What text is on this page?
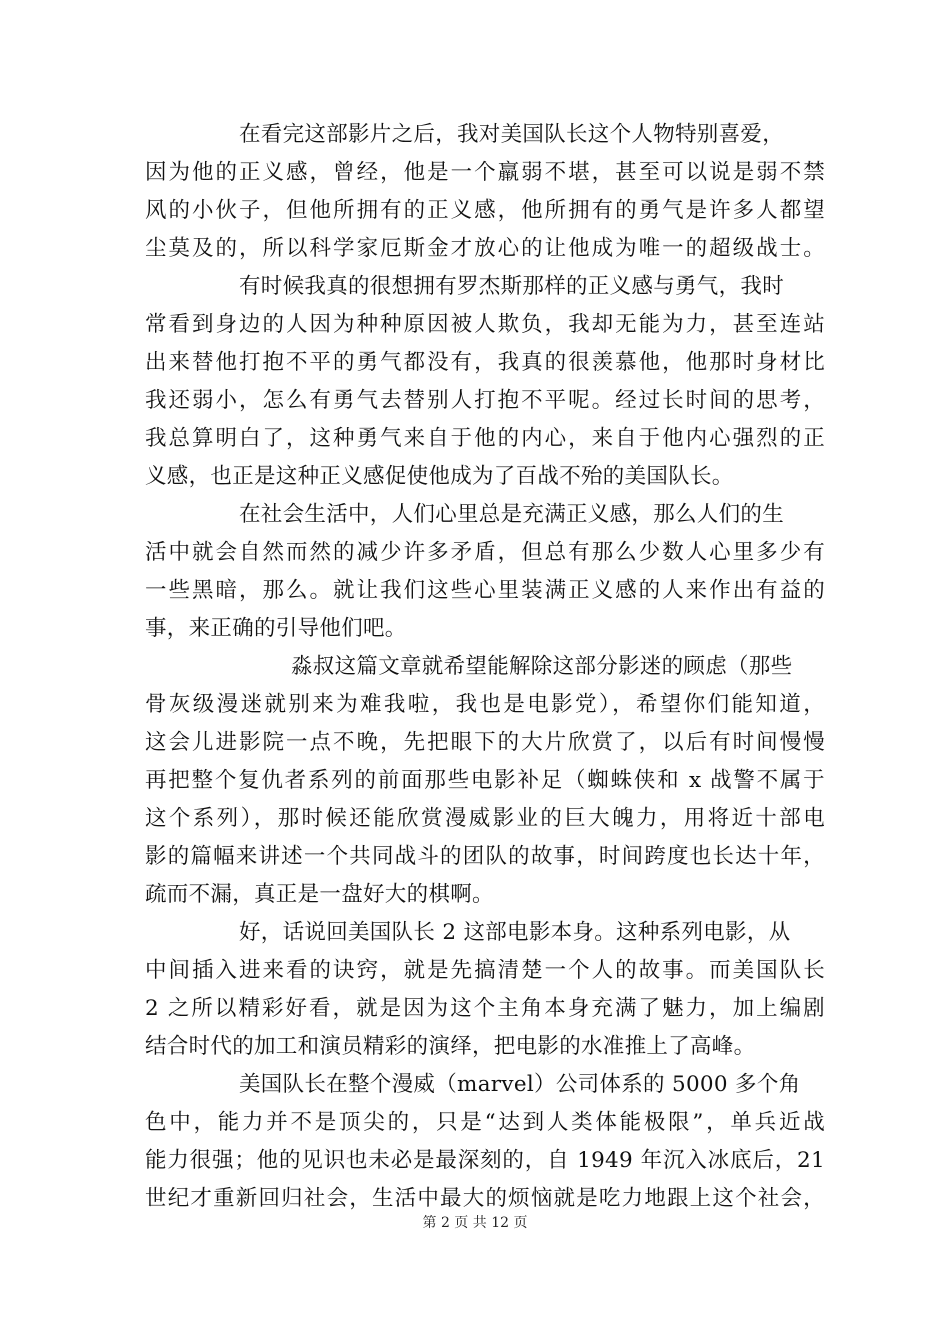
在看完这部影片之后，我对美国队长这个人物特别喜爱，
因为他的正义感，曾经，他是一个羸弱不堪，甚至可以说是弱不禁
风的小伙子，但他所拥有的正义感，他所拥有的勇气是许多人都望
尘莫及的，所以科学家厄斯金才放心的让他成为唯一的超级战士。
有时候我真的很想拥有罗杰斯那样的正义感与勇气，我时
常看到身边的人因为种种原因被人欺负，我却无能为力，甚至连站
出来替他打抱不平的勇气都没有，我真的很羡慕他，他那时身材比
我还弱小，怎么有勇气去替别人打抱不平呢。经过长时间的思考，
我总算明白了，这种勇气来自于他的内心，来自于他内心强烈的正
义感，也正是这种正义感促使他成为了百战不殆的美国队长。
在社会生活中，人们心里总是充满正义感，那么人们的生
活中就会自然而然的减少许多矛盾，但总有那么少数人心里多少有
一些黑暗，那么。就让我们这些心里装满正义感的人来作出有益的
事，来正确的引导他们吧。
淼叔这篇文章就希望能解除这部分影迷的顾虑（那些
骨灰级漫迷就别来为难我啦，我也是电影党），希望你们能知道，
这会儿进影院一点不晚，先把眼下的大片欣赏了，以后有时间慢慢
再把整个复仇者系列的前面那些电影补足（蜘蛛侠和 x 战警不属于
这个系列），那时候还能欣赏漫威影业的巨大魄力，用将近十部电
影的篇幅来讲述一个共同战斗的团队的故事，时间跨度也长达十年，
疏而不漏，真正是一盘好大的棋啊。
好，话说回美国队长 2 这部电影本身。这种系列电影，从
中间插入进来看的诀窍，就是先搞清楚一个人的故事。而美国队长
2 之所以精彩好看，就是因为这个主角本身充满了魅力，加上编剧
结合时代的加工和演员精彩的演绎，把电影的水准推上了高峰。
美国队长在整个漫威（marvel）公司体系的 5000 多个角
色中，能力并不是顶尖的，只是“达到人类体能极限”，单兵近战
能力很强；他的见识也未必是最深刻的，自 1949 年沉入冰底后，21
世纪才重新回归社会，生活中最大的烦恼就是吃力地跟上这个社会，
第 2 页 共 12 页
